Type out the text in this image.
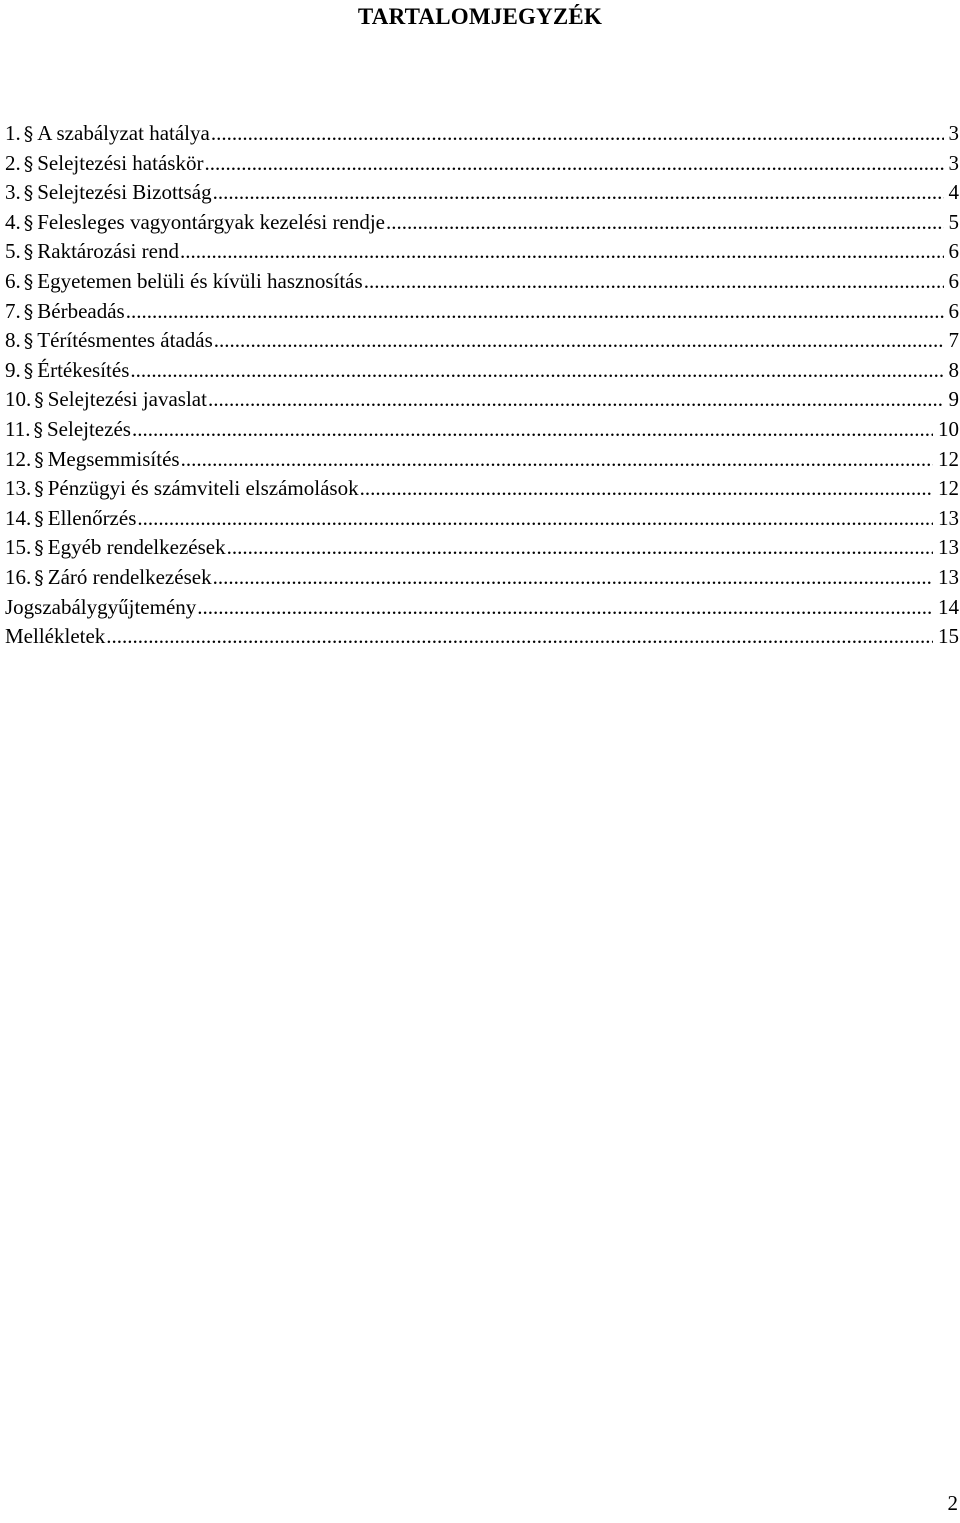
TARTALOMJEGYZÉK
1. § A szabályzat hatálya .....	3
2. § Selejtezési hatáskör .....	3
3. § Selejtezési Bizottság .....	4
4. § Felesleges vagyontárgyak kezelési rendje .....	5
5. § Raktározási rend .....	6
6. § Egyetemen belüli és kívüli hasznosítás .....	6
7. § Bérbeadás .....	6
8. § Térítésmentes átadás .....	7
9. § Értékesítés .....	8
10. § Selejtezési javaslat .....	9
11. § Selejtezés .....	10
12. § Megsemmisítés .....	12
13. § Pénzügyi és számviteli elszámolások .....	12
14. § Ellenőrzés .....	13
15. § Egyéb rendelkezések .....	13
16. § Záró rendelkezések .....	13
Jogszabálygyűjtemény .....	14
Mellékletek .....	15
2
